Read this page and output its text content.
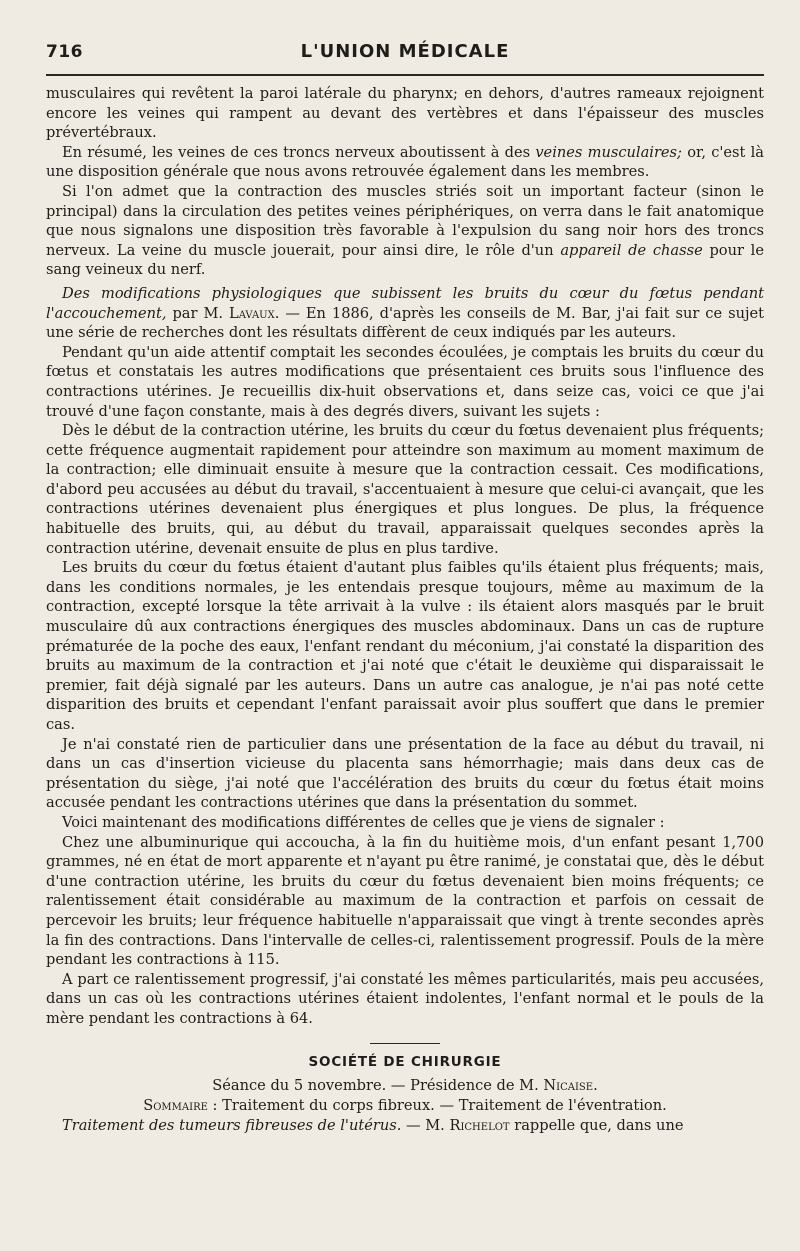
716	L'UNION MÉDICALE

musculaires qui revêtent la paroi latérale du pharynx; en dehors, d'autres rameaux rejoignent encore les veines qui rampent au devant des vertèbres et dans l'épaisseur des muscles prévertébraux.

En résumé, les veines de ces troncs nerveux aboutissent à des veines musculaires; or, c'est là une disposition générale que nous avons retrouvée également dans les membres.

Si l'on admet que la contraction des muscles striés soit un important facteur (sinon le principal) dans la circulation des petites veines périphériques, on verra dans le fait anatomique que nous signalons une disposition très favorable à l'expulsion du sang noir hors des troncs nerveux. La veine du muscle jouerait, pour ainsi dire, le rôle d'un appareil de chasse pour le sang veineux du nerf.

Des modifications physiologiques que subissent les bruits du cœur du fœtus pendant l'accouchement, par M. Lavaux. — En 1886, d'après les conseils de M. Bar, j'ai fait sur ce sujet une série de recherches dont les résultats diffèrent de ceux indiqués par les auteurs.

Pendant qu'un aide attentif comptait les secondes écoulées, je comptais les bruits du cœur du fœtus et constatais les autres modifications que présentaient ces bruits sous l'influence des contractions utérines. Je recueillis dix-huit observations et, dans seize cas, voici ce que j'ai trouvé d'une façon constante, mais à des degrés divers, suivant les sujets :

Dès le début de la contraction utérine, les bruits du cœur du fœtus devenaient plus fréquents; cette fréquence augmentait rapidement pour atteindre son maximum au moment maximum de la contraction; elle diminuait ensuite à mesure que la contraction cessait. Ces modifications, d'abord peu accusées au début du travail, s'accentuaient à mesure que celui-ci avançait, que les contractions utérines devenaient plus énergiques et plus longues. De plus, la fréquence habituelle des bruits, qui, au début du travail, apparaissait quelques secondes après la contraction utérine, devenait ensuite de plus en plus tardive.

Les bruits du cœur du fœtus étaient d'autant plus faibles qu'ils étaient plus fréquents; mais, dans les conditions normales, je les entendais presque toujours, même au maximum de la contraction, excepté lorsque la tête arrivait à la vulve : ils étaient alors masqués par le bruit musculaire dû aux contractions énergiques des muscles abdominaux. Dans un cas de rupture prématurée de la poche des eaux, l'enfant rendant du méconium, j'ai constaté la disparition des bruits au maximum de la contraction et j'ai noté que c'était le deuxième qui disparaissait le premier, fait déjà signalé par les auteurs. Dans un autre cas analogue, je n'ai pas noté cette disparition des bruits et cependant l'enfant paraissait avoir plus souffert que dans le premier cas.

Je n'ai constaté rien de particulier dans une présentation de la face au début du travail, ni dans un cas d'insertion vicieuse du placenta sans hémorrhagie; mais dans deux cas de présentation du siège, j'ai noté que l'accélération des bruits du cœur du fœtus était moins accusée pendant les contractions utérines que dans la présentation du sommet.

Voici maintenant des modifications différentes de celles que je viens de signaler :

Chez une albuminurique qui accoucha, à la fin du huitième mois, d'un enfant pesant 1,700 grammes, né en état de mort apparente et n'ayant pu être ranimé, je constatai que, dès le début d'une contraction utérine, les bruits du cœur du fœtus devenaient bien moins fréquents; ce ralentissement était considérable au maximum de la contraction et parfois on cessait de percevoir les bruits; leur fréquence habituelle n'apparaissait que vingt à trente secondes après la fin des contractions. Dans l'intervalle de celles-ci, ralentissement progressif. Pouls de la mère pendant les contractions à 115.

A part ce ralentissement progressif, j'ai constaté les mêmes particularités, mais peu accusées, dans un cas où les contractions utérines étaient indolentes, l'enfant normal et le pouls de la mère pendant les contractions à 64.

SOCIÉTÉ DE CHIRURGIE

Séance du 5 novembre. — Présidence de M. Nicaise.

Sommaire : Traitement du corps fibreux. — Traitement de l'éventration.

Traitement des tumeurs fibreuses de l'utérus. — M. Richelot rappelle que, dans une
